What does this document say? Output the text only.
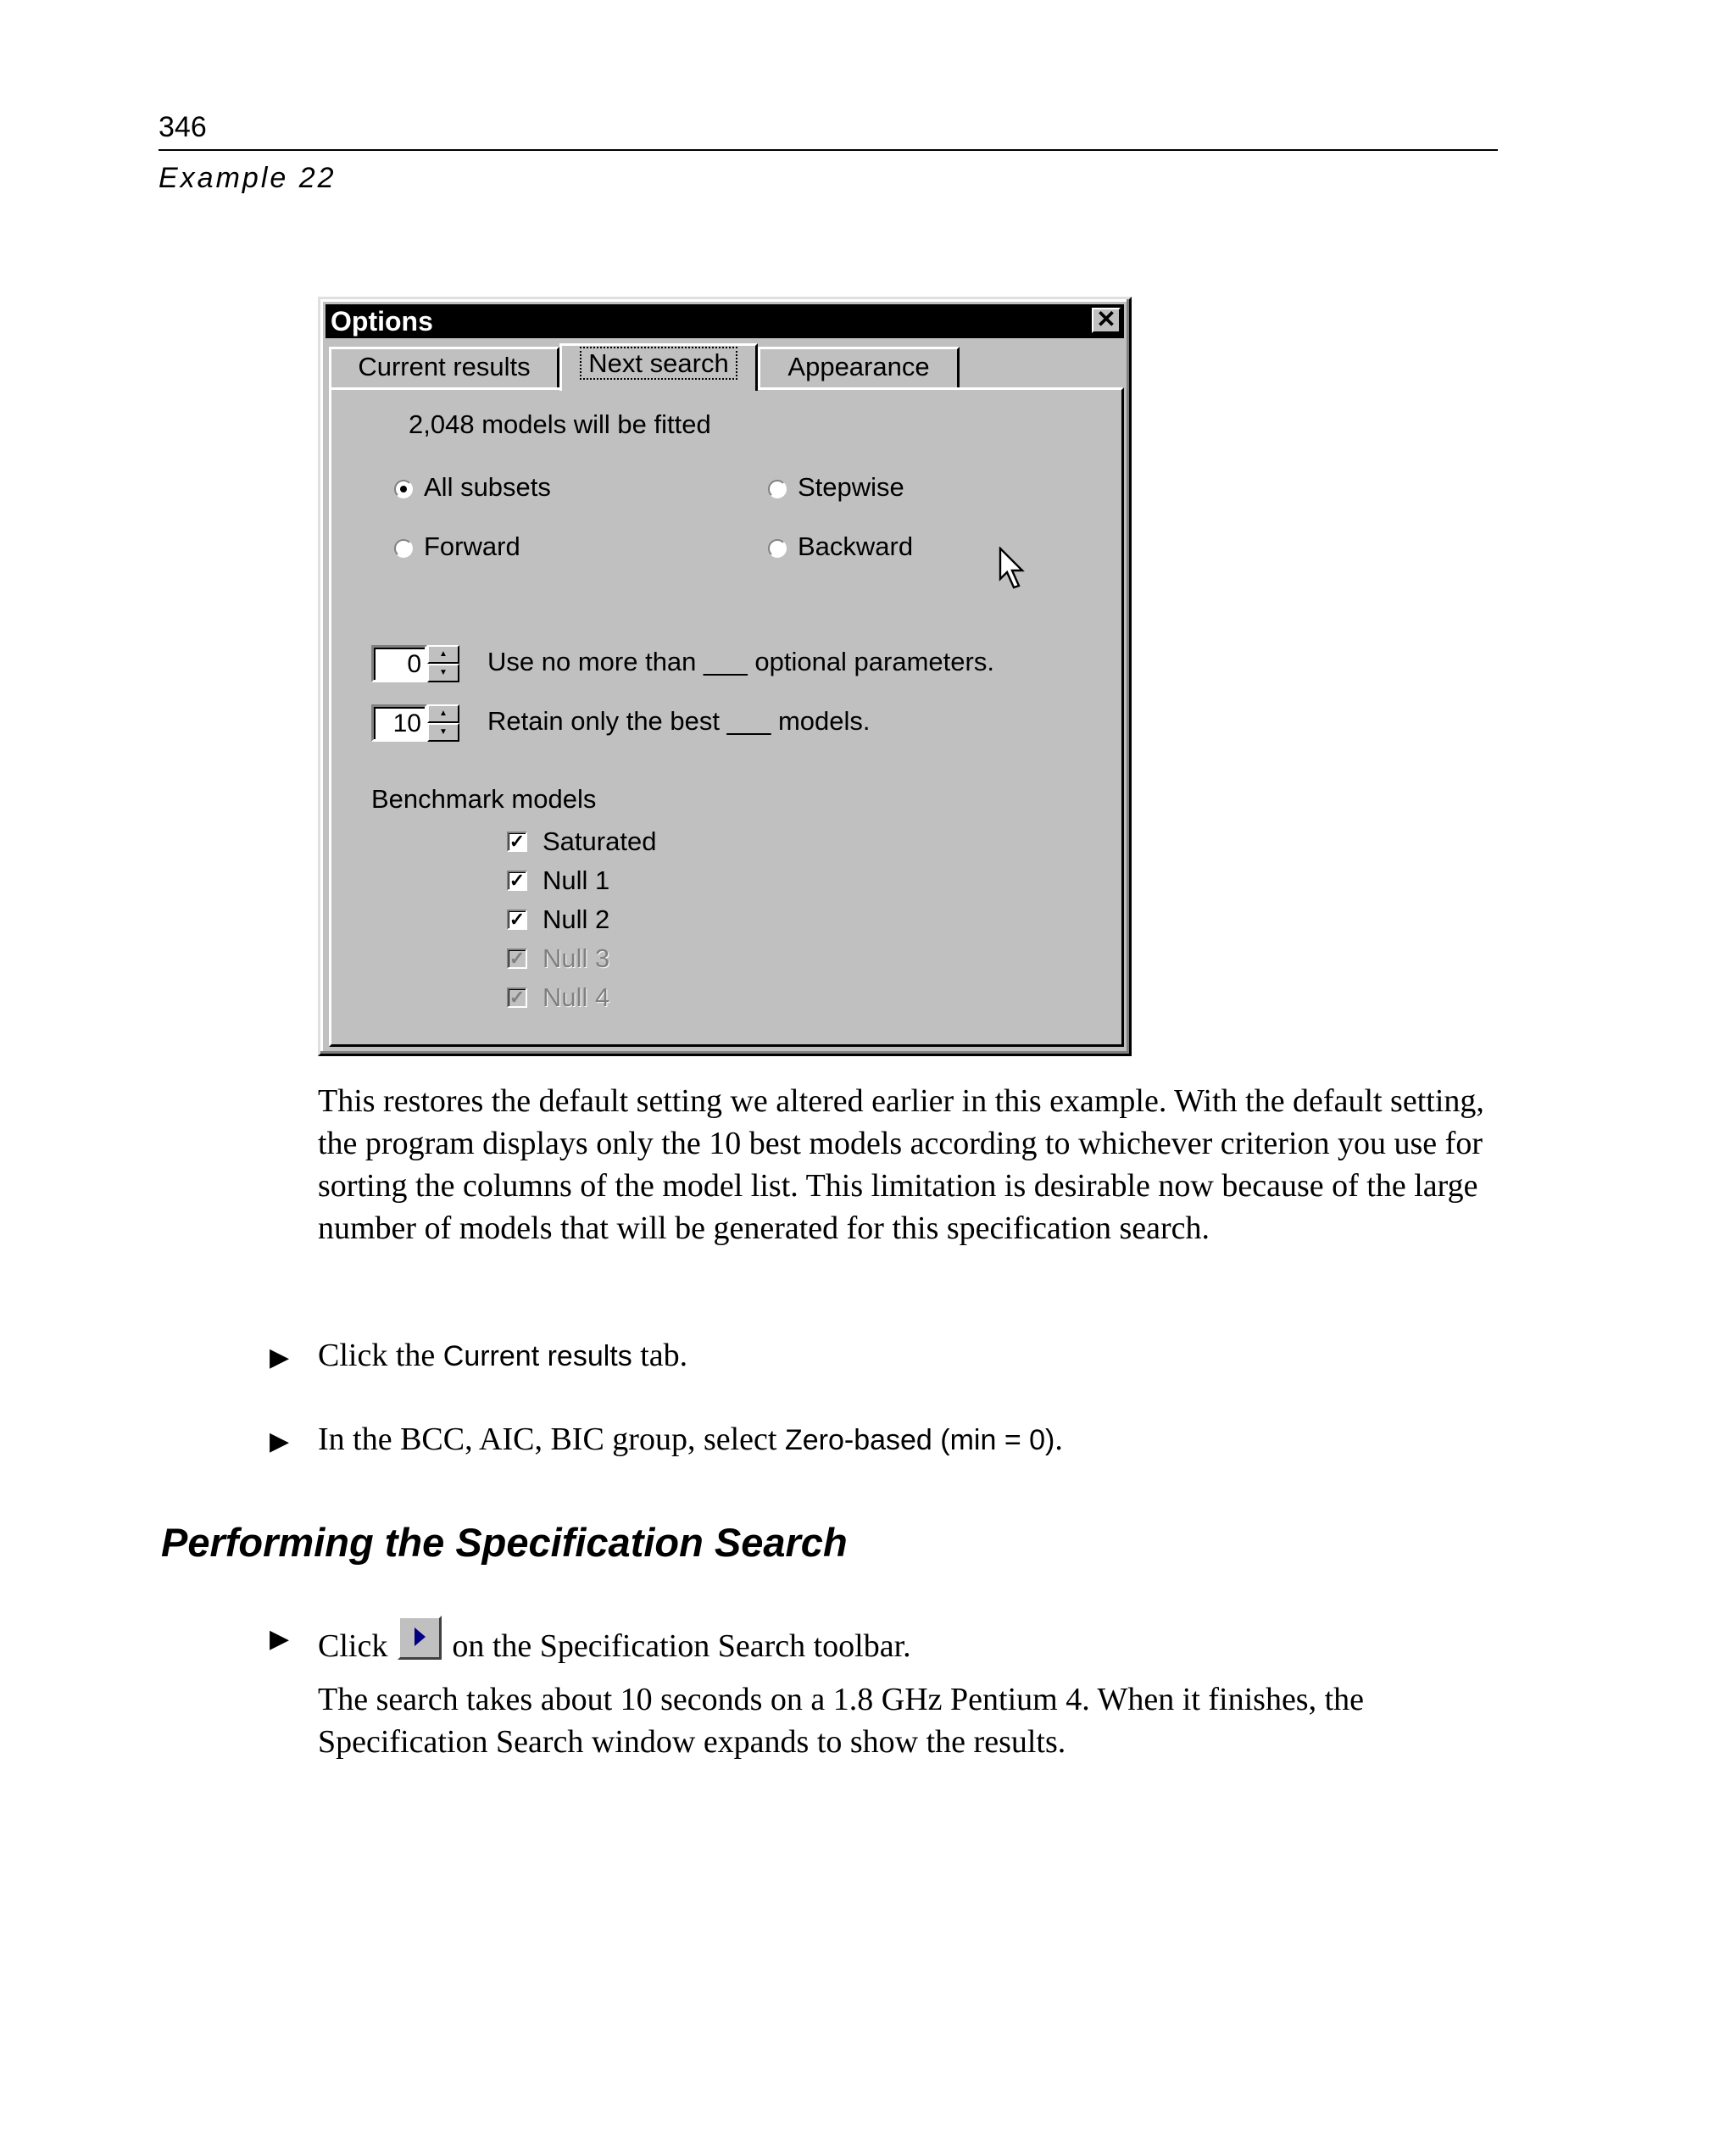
346
Example 22
Options	✕
Current results	Next search	Appearance
2,048 models will be fitted
All subsets	Stepwise
Forward	Backward
0	▲
▼	Use no more than ___ optional parameters.
10	▲
▼	Retain only the best ___ models.
Benchmark models
✓ Saturated
✓ Null 1
✓ Null 2
✓ Null 3
✓ Null 4
This restores the default setting we altered earlier in this example. With the default setting, the program displays only the 10 best models according to whichever criterion you use for sorting the columns of the model list. This limitation is desirable now because of the large number of models that will be generated for this specification search.
▶ Click the Current results tab.
▶ In the BCC, AIC, BIC group, select Zero-based (min = 0).
Performing the Specification Search
▶ Click on the Specification Search toolbar.
The search takes about 10 seconds on a 1.8 GHz Pentium 4. When it finishes, the Specification Search window expands to show the results.
